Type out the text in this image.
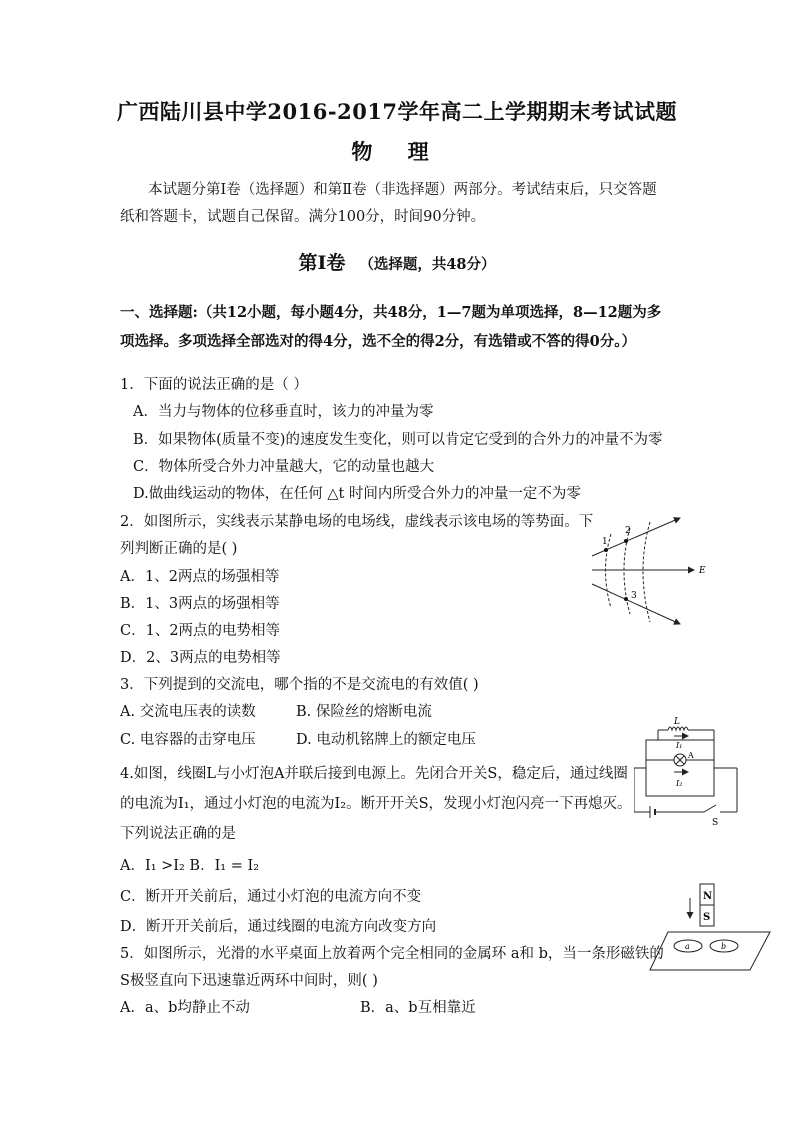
广西陆川县中学2016-2017学年高二上学期期末考试试题
物 理
本试题分第Ⅰ卷（选择题）和第Ⅱ卷（非选择题）两部分。考试结束后，只交答题
纸和答题卡，试题自己保留。满分100分，时间90分钟。
第Ⅰ卷 （选择题，共48分）
一、选择题:（共12小题，每小题4分，共48分，1—7题为单项选择，8—12题为多
项选择。多项选择全部选对的得4分，选不全的得2分，有选错或不答的得0分。）
1．下面的说法正确的是（ ）
A．当力与物体的位移垂直时，该力的冲量为零
B．如果物体(质量不变)的速度发生变化，则可以肯定它受到的合外力的冲量不为零
C．物体所受合外力冲量越大，它的动量也越大
D.做曲线运动的物体，在任何 △t 时间内所受合外力的冲量一定不为零
2．如图所示，实线表示某静电场的电场线，虚线表示该电场的等势面。下
列判断正确的是( )
A．1、2两点的场强相等
B．1、3两点的场强相等
C．1、2两点的电势相等
D．2、3两点的电势相等
1
2
3
E
3．下列提到的交流电，哪个指的不是交流电的有效值( )
A. 交流电压表的读数	B. 保险丝的熔断电流
C. 电容器的击穿电压	D. 电动机铭牌上的额定电压
4.如图，线圈L与小灯泡A并联后接到电源上。先闭合开关S，稳定后，通过线圈
的电流为I₁，通过小灯泡的电流为I₂。断开开关S，发现小灯泡闪亮一下再熄灭。
下列说法正确的是
A．I₁ >I₂ B．I₁ = I₂
C．断开开关前后，通过小灯泡的电流方向不变
D．断开开关前后，通过线圈的电流方向改变方向
L
I₁
A
I₂
S
5．如图所示，光滑的水平桌面上放着两个完全相同的金属环 a和 b，当一条形磁铁的
S极竖直向下迅速靠近两环中间时，则( )
A．a、b均静止不动	B．a、b互相靠近
N
S
a	b
